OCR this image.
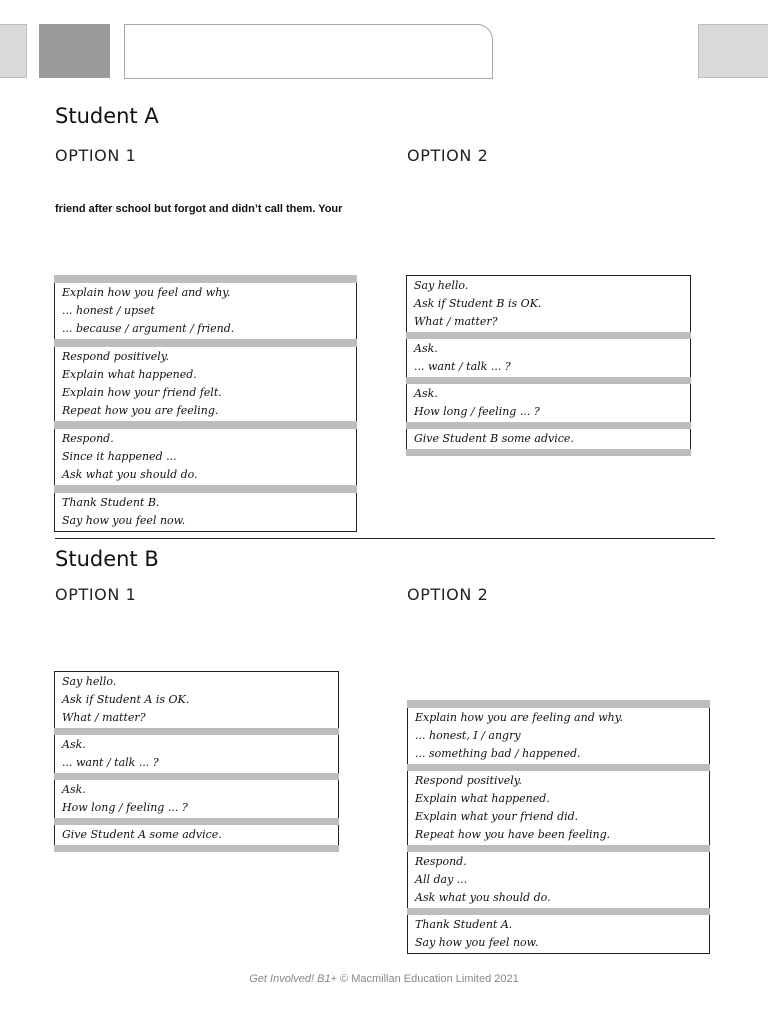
Student A
OPTION 1	OPTION 2

friend after school but forgot and didn’t call them. Your

Explain how you feel and why.
... honest / upset
... because / argument / friend.
Respond positively.
Explain what happened.
Explain how your friend felt.
Repeat how you are feeling.
Respond.
Since it happened ...
Ask what you should do.
Thank Student B.
Say how you feel now.
Say hello.
Ask if Student B is OK.
What / matter?
Ask.
... want / talk ... ?
Ask.
How long / feeling ... ?
Give Student B some advice.
Student B
OPTION 1	OPTION 2
Say hello.
Ask if Student A is OK.
What / matter?
Ask.
... want / talk ... ?
Ask.
How long / feeling ... ?
Give Student A some advice.
Explain how you are feeling and why.
... honest, I / angry
... something bad / happened.
Respond positively.
Explain what happened.
Explain what your friend did.
Repeat how you have been feeling.
Respond.
All day ...
Ask what you should do.
Thank Student A.
Say how you feel now.

Get Involved! B1+ © Macmillan Education Limited 2021
